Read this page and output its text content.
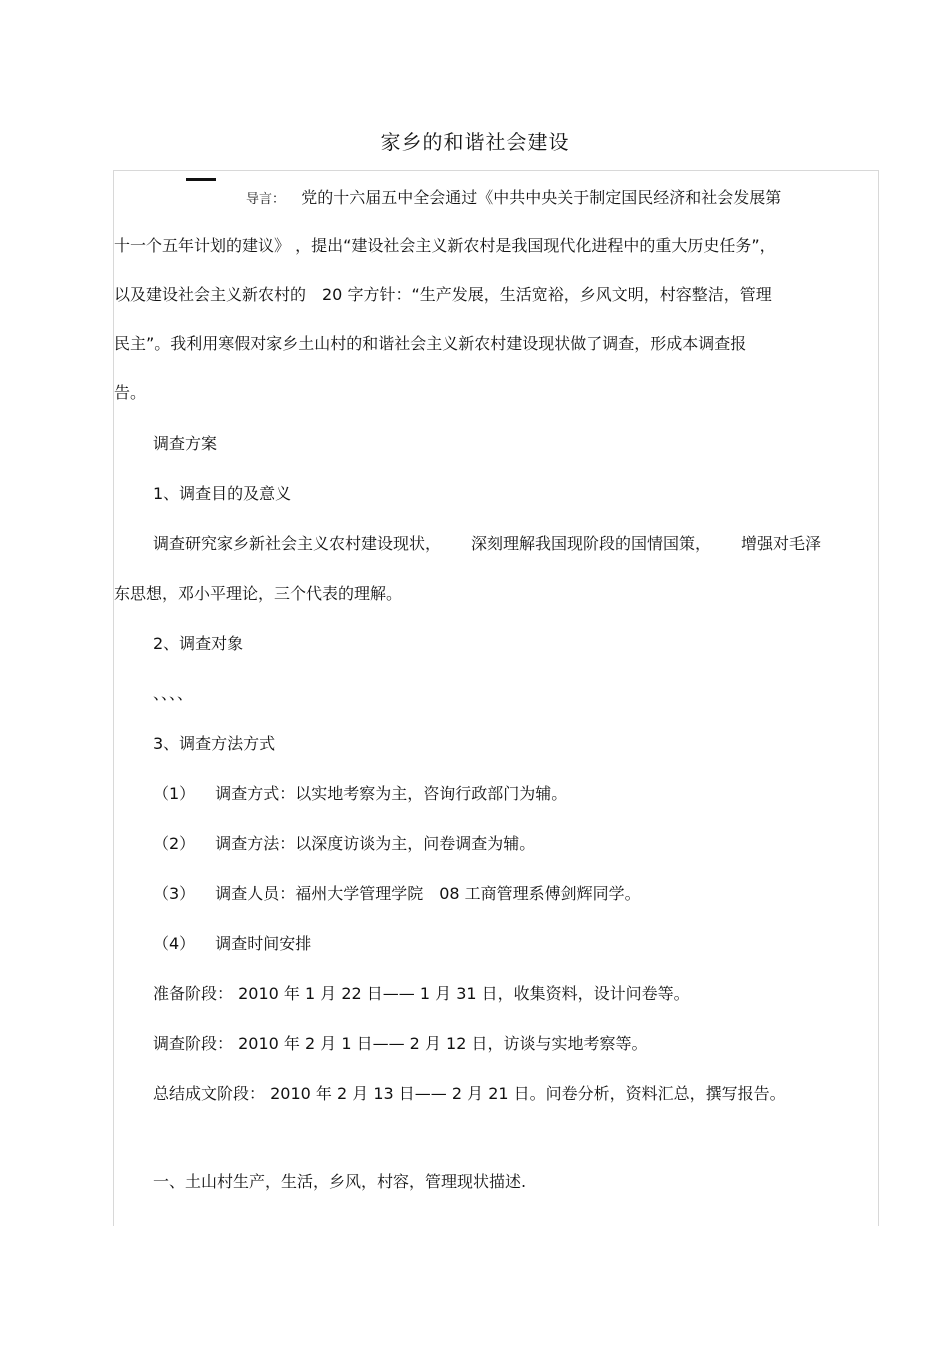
家乡的和谐社会建设
导言： 党的十六届五中全会通过《中共中央关于制定国民经济和社会发展第
十一个五年计划的建议》 ，提出“建设社会主义新农村是我国现代化进程中的重大历史任务”，
以及建设社会主义新农村的　20 字方针：“生产发展，生活宽裕，乡风文明，村容整洁，管理
民主”。我利用寒假对家乡土山村的和谐社会主义新农村建设现状做了调查，形成本调查报
告。
调查方案
1、调查目的及意义
调查研究家乡新社会主义农村建设现状， 深刻理解我国现阶段的国情国策， 增强对毛泽
东思想，邓小平理论，三个代表的理解。
2、调查对象
、、、、
3、调查方法方式
（1） 调查方式：以实地考察为主，咨询行政部门为辅。
（2） 调查方法：以深度访谈为主，问卷调查为辅。
（3） 调查人员：福州大学管理学院　08 工商管理系傅剑辉同学。
（4） 调查时间安排
准备阶段： 2010 年 1 月 22 日—— 1 月 31 日，收集资料，设计问卷等。
调查阶段： 2010 年 2 月 1 日—— 2 月 12 日，访谈与实地考察等。
总结成文阶段： 2010 年 2 月 13 日—— 2 月 21 日。问卷分析，资料汇总，撰写报告。
一、土山村生产，生活，乡风，村容，管理现状描述.
